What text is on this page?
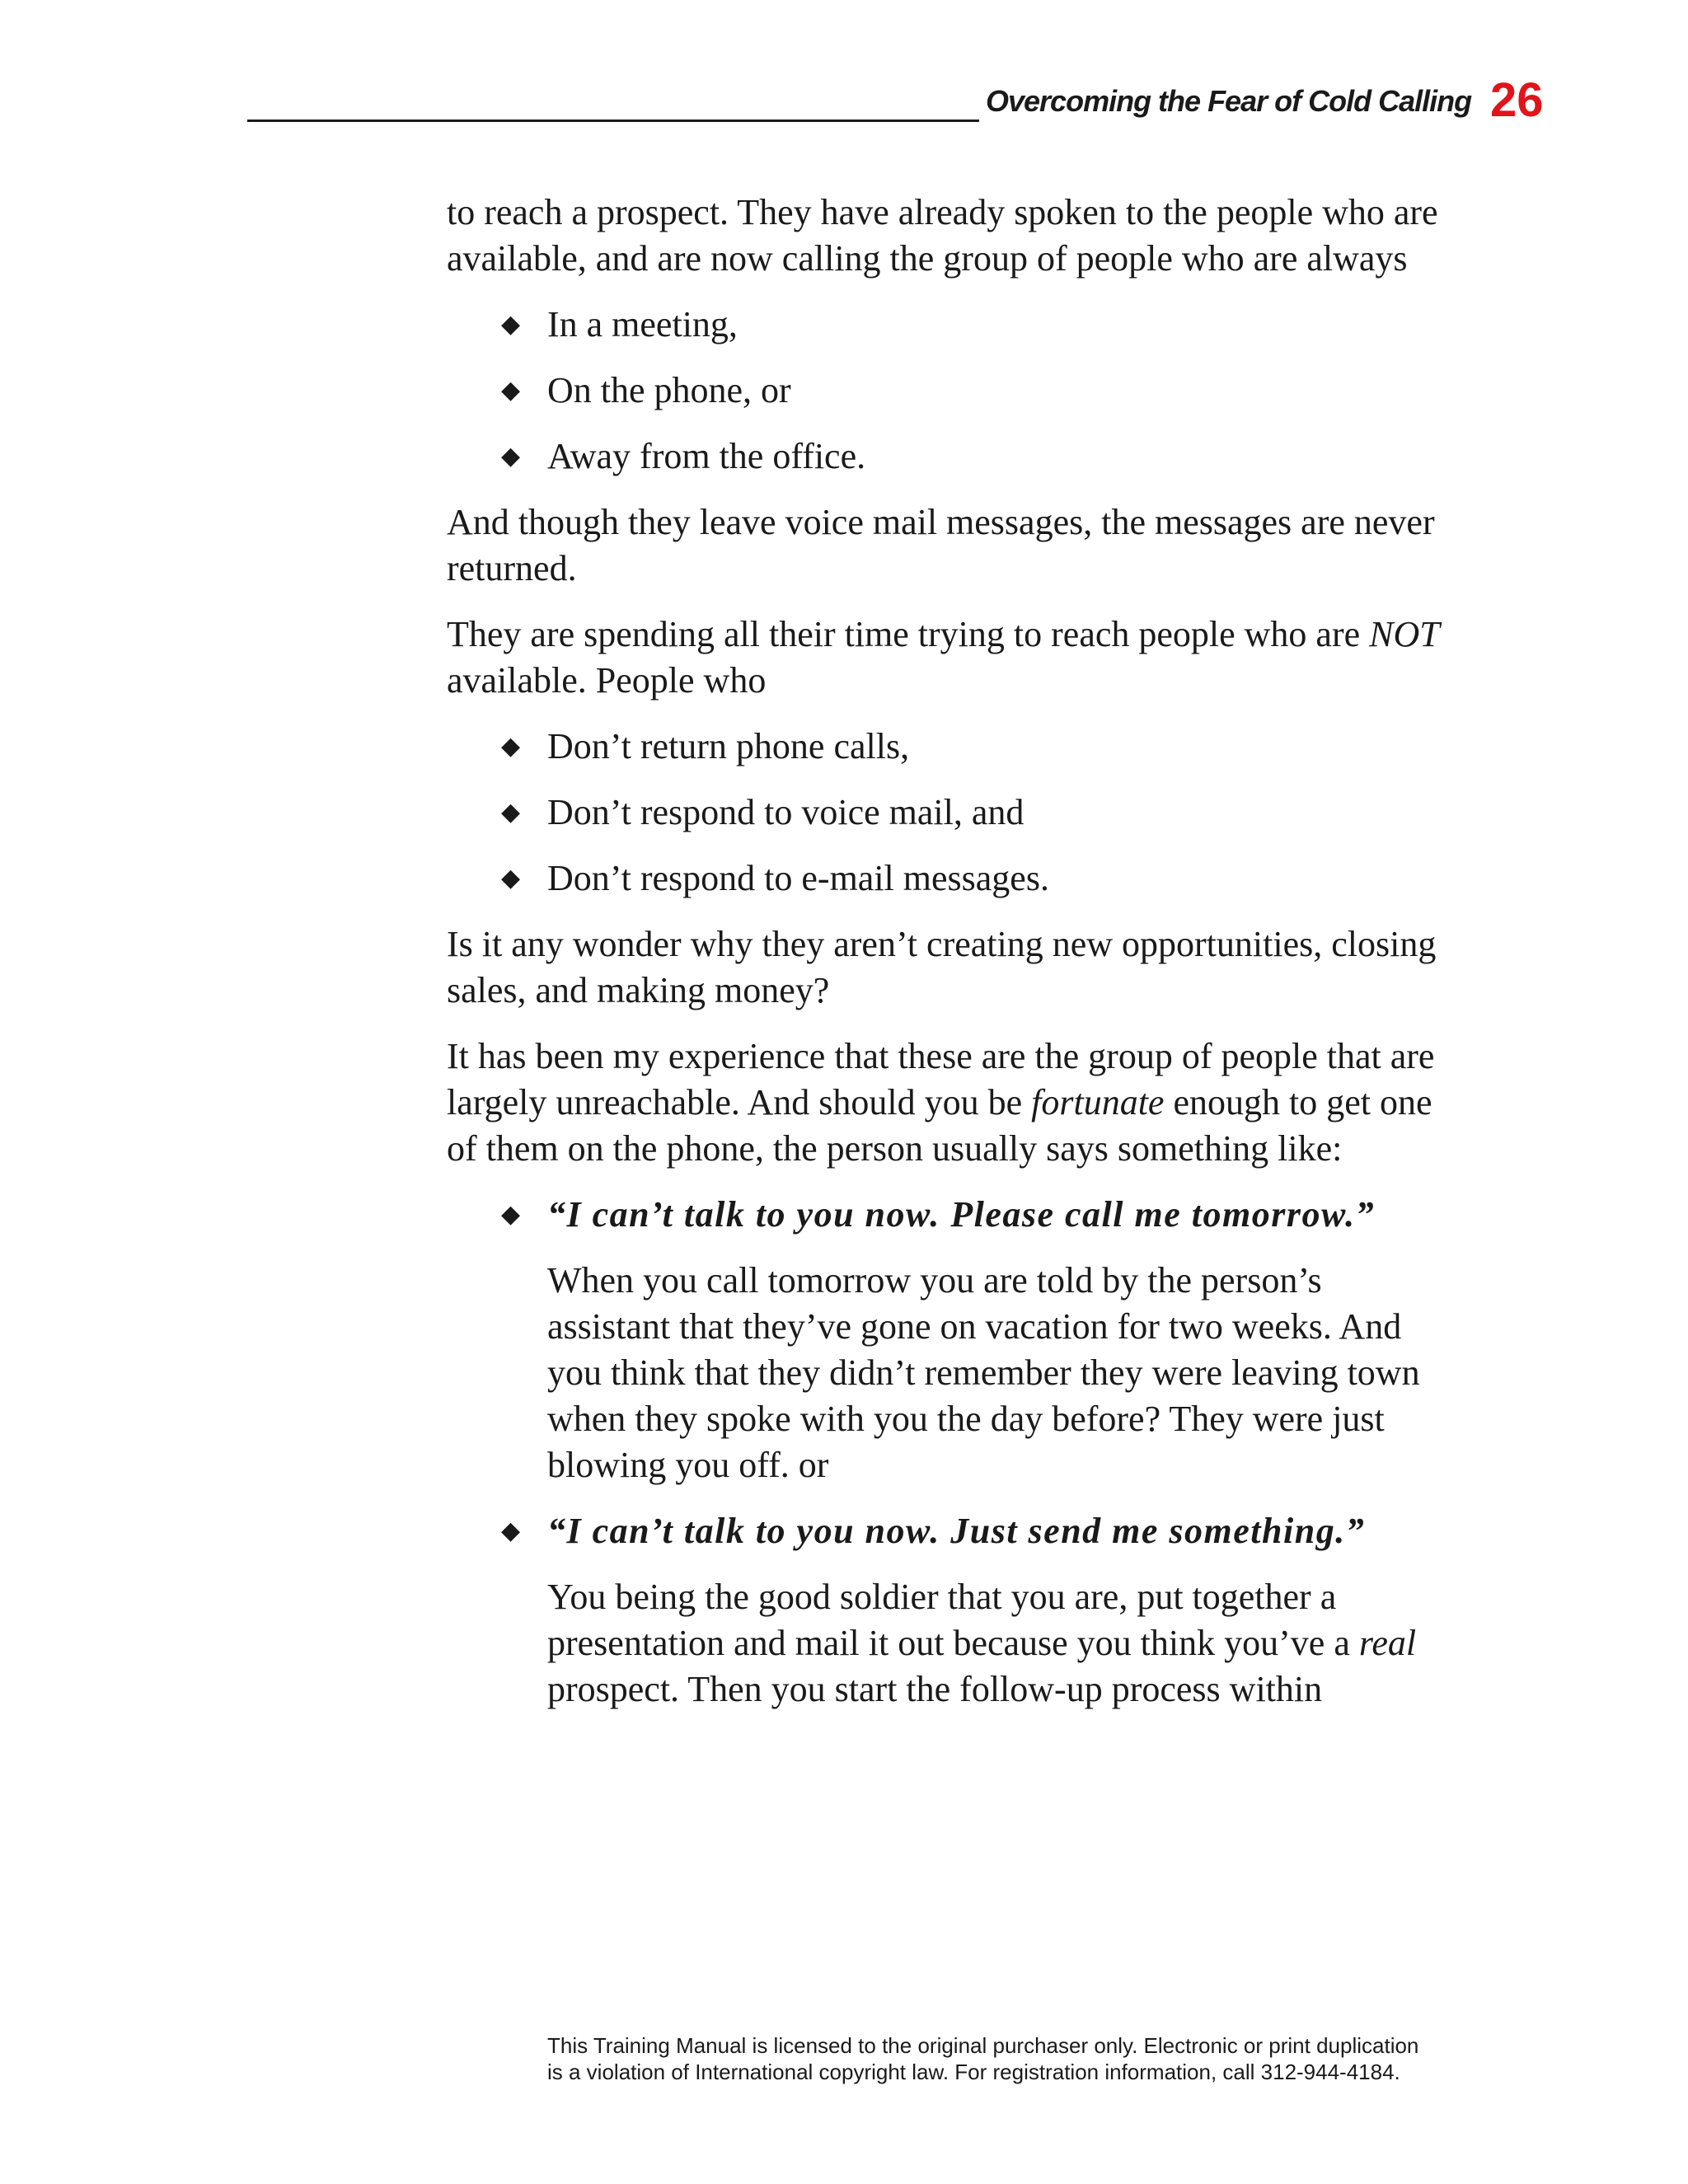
Overcoming the Fear of Cold Calling 26

to reach a prospect. They have already spoken to the people who are available, and are now calling the group of people who are always

◆ In a meeting,
◆ On the phone, or
◆ Away from the office.

And though they leave voice mail messages, the messages are never returned.

They are spending all their time trying to reach people who are NOT available. People who

◆ Don’t return phone calls,
◆ Don’t respond to voice mail, and
◆ Don’t respond to e-mail messages.

Is it any wonder why they aren’t creating new opportunities, closing sales, and making money?

It has been my experience that these are the group of people that are largely unreachable. And should you be fortunate enough to get one of them on the phone, the person usually says something like:

◆ “I can’t talk to you now. Please call me tomorrow.”

When you call tomorrow you are told by the person’s assistant that they’ve gone on vacation for two weeks. And you think that they didn’t remember they were leaving town when they spoke with you the day before? They were just blowing you off. or

◆ “I can’t talk to you now. Just send me something.”

You being the good soldier that you are, put together a presentation and mail it out because you think you’ve a real prospect. Then you start the follow-up process within

This Training Manual is licensed to the original purchaser only. Electronic or print duplication
is a violation of International copyright law. For registration information, call 312-944-4184.
